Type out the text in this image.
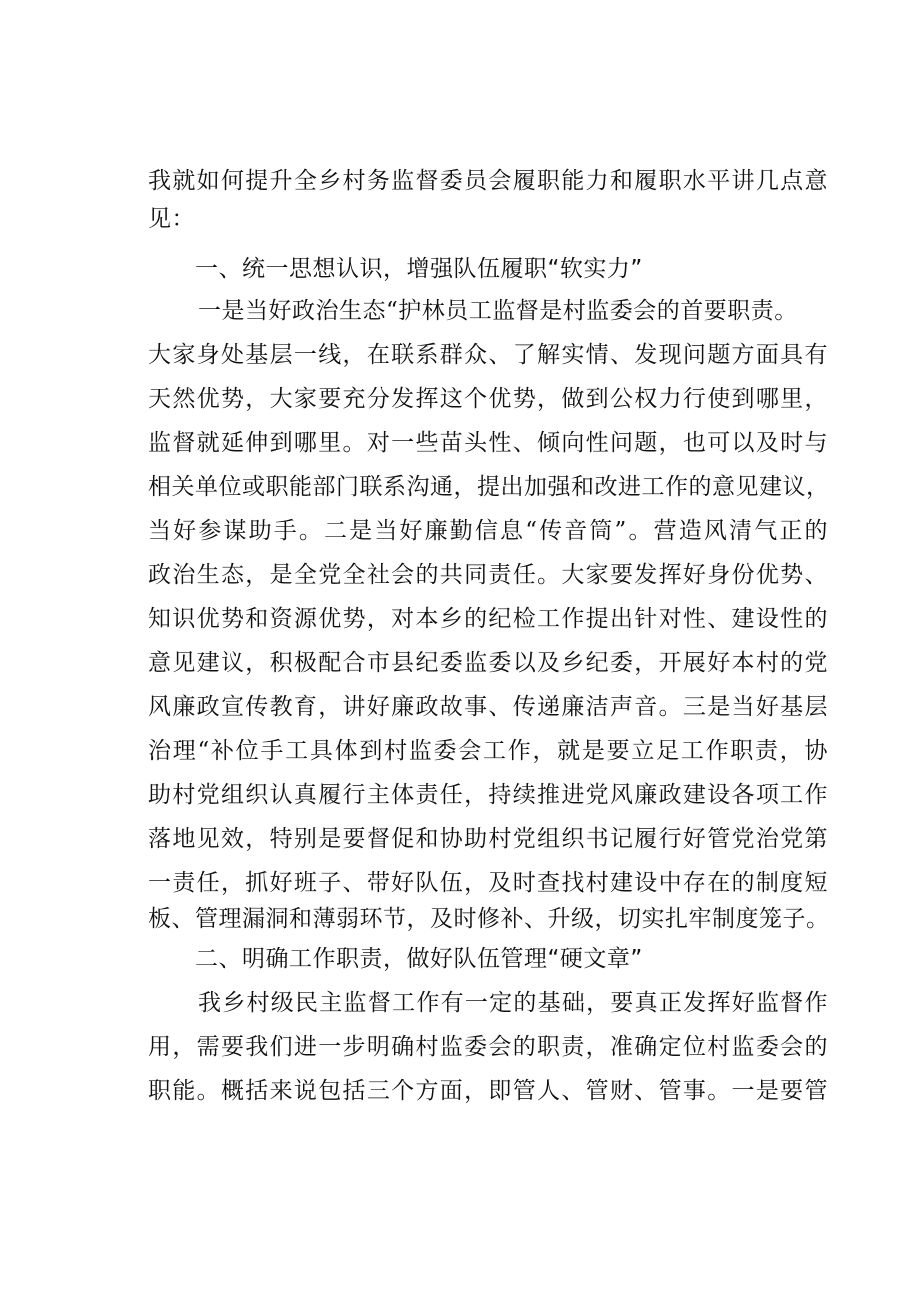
我就如何提升全乡村务监督委员会履职能力和履职水平讲几点意
见：
一、统一思想认识，增强队伍履职“软实力”
一是当好政治生态“护林员工监督是村监委会的首要职责。
大家身处基层一线，在联系群众、了解实情、发现问题方面具有
天然优势，大家要充分发挥这个优势，做到公权力行使到哪里，
监督就延伸到哪里。对一些苗头性、倾向性问题，也可以及时与
相关单位或职能部门联系沟通，提出加强和改进工作的意见建议，
当好参谋助手。二是当好廉勤信息“传音筒”。营造风清气正的
政治生态，是全党全社会的共同责任。大家要发挥好身份优势、
知识优势和资源优势，对本乡的纪检工作提出针对性、建设性的
意见建议，积极配合市县纪委监委以及乡纪委，开展好本村的党
风廉政宣传教育，讲好廉政故事、传递廉洁声音。三是当好基层
治理“补位手工具体到村监委会工作，就是要立足工作职责，协
助村党组织认真履行主体责任，持续推进党风廉政建设各项工作
落地见效，特别是要督促和协助村党组织书记履行好管党治党第
一责任，抓好班子、带好队伍，及时查找村建设中存在的制度短
板、管理漏洞和薄弱环节，及时修补、升级，切实扎牢制度笼子。
二、明确工作职责，做好队伍管理“硬文章”
我乡村级民主监督工作有一定的基础，要真正发挥好监督作
用，需要我们进一步明确村监委会的职责，准确定位村监委会的
职能。概括来说包括三个方面，即管人、管财、管事。一是要管
